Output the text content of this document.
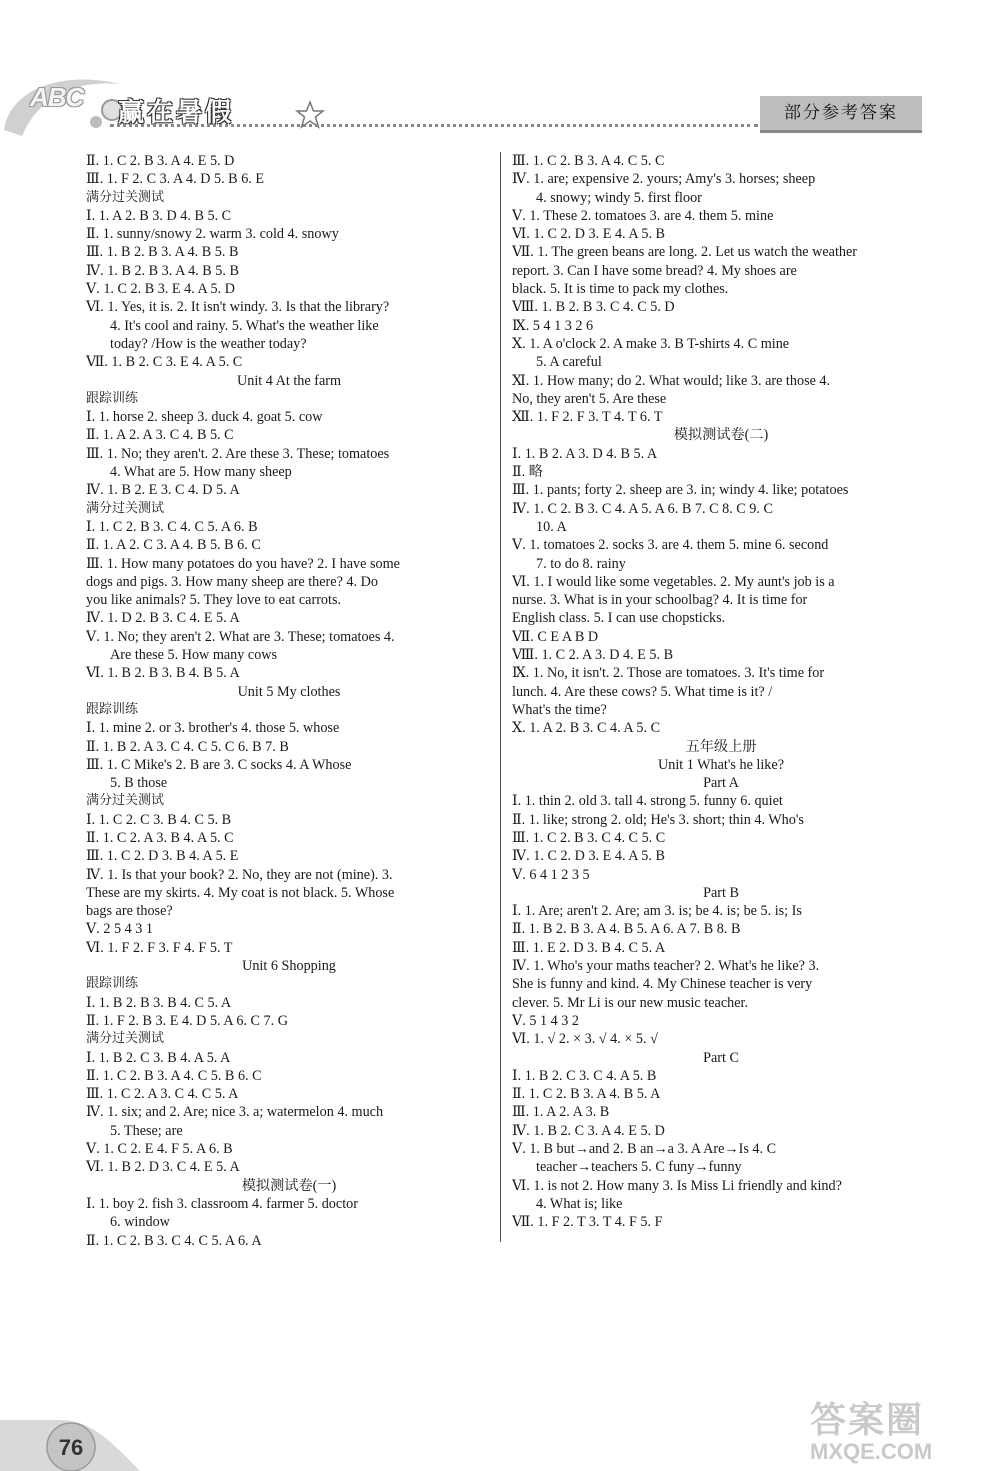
ABC
赢在暑假	部分参考答案
Ⅱ. 1. C 2. B 3. A 4. E 5. D
Ⅲ. 1. F 2. C 3. A 4. D 5. B 6. E
满分过关测试
Ⅰ. 1. A 2. B 3. D 4. B 5. C
Ⅱ. 1. sunny/snowy 2. warm 3. cold 4. snowy
Ⅲ. 1. B 2. B 3. A 4. B 5. B
Ⅳ. 1. B 2. B 3. A 4. B 5. B
Ⅴ. 1. C 2. B 3. E 4. A 5. D
Ⅵ. 1. Yes, it is. 2. It isn't windy. 3. Is that the library?
4. It's cool and rainy. 5. What's the weather like
today? /How is the weather today?
Ⅶ. 1. B 2. C 3. E 4. A 5. C
Unit 4 At the farm
跟踪训练
Ⅰ. 1. horse 2. sheep 3. duck 4. goat 5. cow
Ⅱ. 1. A 2. A 3. C 4. B 5. C
Ⅲ. 1. No; they aren't. 2. Are these 3. These; tomatoes
4. What are 5. How many sheep
Ⅳ. 1. B 2. E 3. C 4. D 5. A
满分过关测试
Ⅰ. 1. C 2. B 3. C 4. C 5. A 6. B
Ⅱ. 1. A 2. C 3. A 4. B 5. B 6. C
Ⅲ. 1. How many potatoes do you have? 2. I have some
dogs and pigs. 3. How many sheep are there? 4. Do
you like animals? 5. They love to eat carrots.
Ⅳ. 1. D 2. B 3. C 4. E 5. A
Ⅴ. 1. No; they aren't 2. What are 3. These; tomatoes 4.
Are these 5. How many cows
Ⅵ. 1. B 2. B 3. B 4. B 5. A
Unit 5 My clothes
跟踪训练
Ⅰ. 1. mine 2. or 3. brother's 4. those 5. whose
Ⅱ. 1. B 2. A 3. C 4. C 5. C 6. B 7. B
Ⅲ. 1. C Mike's 2. B are 3. C socks 4. A Whose
5. B those
满分过关测试
Ⅰ. 1. C 2. C 3. B 4. C 5. B
Ⅱ. 1. C 2. A 3. B 4. A 5. C
Ⅲ. 1. C 2. D 3. B 4. A 5. E
Ⅳ. 1. Is that your book? 2. No, they are not (mine). 3.
These are my skirts. 4. My coat is not black. 5. Whose
bags are those?
Ⅴ. 2 5 4 3 1
Ⅵ. 1. F 2. F 3. F 4. F 5. T
Unit 6 Shopping
跟踪训练
Ⅰ. 1. B 2. B 3. B 4. C 5. A
Ⅱ. 1. F 2. B 3. E 4. D 5. A 6. C 7. G
满分过关测试
Ⅰ. 1. B 2. C 3. B 4. A 5. A
Ⅱ. 1. C 2. B 3. A 4. C 5. B 6. C
Ⅲ. 1. C 2. A 3. C 4. C 5. A
Ⅳ. 1. six; and 2. Are; nice 3. a; watermelon 4. much
5. These; are
Ⅴ. 1. C 2. E 4. F 5. A 6. B
Ⅵ. 1. B 2. D 3. C 4. E 5. A
模拟测试卷(一)
Ⅰ. 1. boy 2. fish 3. classroom 4. farmer 5. doctor
6. window
Ⅱ. 1. C 2. B 3. C 4. C 5. A 6. A
Ⅲ. 1. C 2. B 3. A 4. C 5. C
Ⅳ. 1. are; expensive 2. yours; Amy's 3. horses; sheep
4. snowy; windy 5. first floor
Ⅴ. 1. These 2. tomatoes 3. are 4. them 5. mine
Ⅵ. 1. C 2. D 3. E 4. A 5. B
Ⅶ. 1. The green beans are long. 2. Let us watch the weather
report. 3. Can I have some bread? 4. My shoes are
black. 5. It is time to pack my clothes.
Ⅷ. 1. B 2. B 3. C 4. C 5. D
Ⅸ. 5 4 1 3 2 6
Ⅹ. 1. A o'clock 2. A make 3. B T-shirts 4. C mine
5. A careful
Ⅺ. 1. How many; do 2. What would; like 3. are those 4.
No, they aren't 5. Are these
Ⅻ. 1. F 2. F 3. T 4. T 6. T
模拟测试卷(二)
Ⅰ. 1. B 2. A 3. D 4. B 5. A
Ⅱ. 略
Ⅲ. 1. pants; forty 2. sheep are 3. in; windy 4. like; potatoes
Ⅳ. 1. C 2. B 3. C 4. A 5. A 6. B 7. C 8. C 9. C
10. A
Ⅴ. 1. tomatoes 2. socks 3. are 4. them 5. mine 6. second
7. to do 8. rainy
Ⅵ. 1. I would like some vegetables. 2. My aunt's job is a
nurse. 3. What is in your schoolbag? 4. It is time for
English class. 5. I can use chopsticks.
Ⅶ. C E A B D
Ⅷ. 1. C 2. A 3. D 4. E 5. B
Ⅸ. 1. No, it isn't. 2. Those are tomatoes. 3. It's time for
lunch. 4. Are these cows? 5. What time is it? /
What's the time?
Ⅹ. 1. A 2. B 3. C 4. A 5. C
五年级上册
Unit 1 What's he like?
Part A
Ⅰ. 1. thin 2. old 3. tall 4. strong 5. funny 6. quiet
Ⅱ. 1. like; strong 2. old; He's 3. short; thin 4. Who's
Ⅲ. 1. C 2. B 3. C 4. C 5. C
Ⅳ. 1. C 2. D 3. E 4. A 5. B
Ⅴ. 6 4 1 2 3 5
Part B
Ⅰ. 1. Are; aren't 2. Are; am 3. is; be 4. is; be 5. is; Is
Ⅱ. 1. B 2. B 3. A 4. B 5. A 6. A 7. B 8. B
Ⅲ. 1. E 2. D 3. B 4. C 5. A
Ⅳ. 1. Who's your maths teacher? 2. What's he like? 3.
She is funny and kind. 4. My Chinese teacher is very
clever. 5. Mr Li is our new music teacher.
Ⅴ. 5 1 4 3 2
Ⅵ. 1. √ 2. × 3. √ 4. × 5. √
Part C
Ⅰ. 1. B 2. C 3. C 4. A 5. B
Ⅱ. 1. C 2. B 3. A 4. B 5. A
Ⅲ. 1. A 2. A 3. B
Ⅳ. 1. B 2. C 3. A 4. E 5. D
Ⅴ. 1. B but→and 2. B an→a 3. A Are→Is 4. C
teacher→teachers 5. C funy→funny
Ⅵ. 1. is not 2. How many 3. Is Miss Li friendly and kind?
4. What is; like
Ⅶ. 1. F 2. T 3. T 4. F 5. F
76
答案圈
MXQE.COM
